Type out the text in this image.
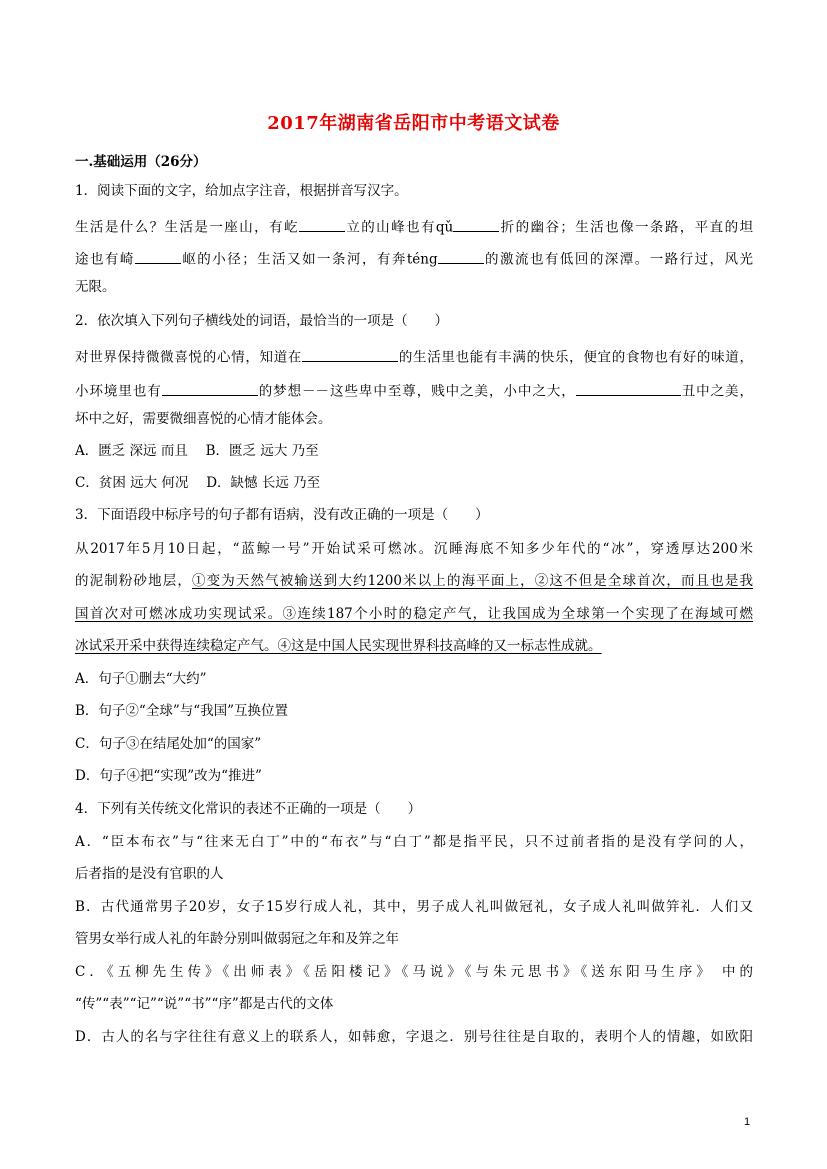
2017年湖南省岳阳市中考语文试卷
一.基础运用（26分）
1．阅读下面的文字，给加点字注音，根据拼音写汉字。
生活是什么？生活是一座山，有屹	立的山峰也有qǔ	折的幽谷；生活也像一条路，平直的坦
途也有崎	岖的小径；生活又如一条河，有奔téng	的激流也有低回的深潭。一路行过，风光
无限。
2．依次填入下列句子横线处的词语，最恰当的一项是（　　）
对世界保持微微喜悦的心情，知道在	的生活里也能有丰满的快乐，便宜的食物也有好的味道，
小环境里也有	的梦想－－这些卑中至尊，贱中之美，小中之大，	丑中之美，
坏中之好，需要微细喜悦的心情才能体会。
A．匮乏 深远 而且　 B．匮乏 远大 乃至
C．贫困 远大 何况　 D．缺憾 长远 乃至
3．下面语段中标序号的句子都有语病，没有改正确的一项是（　　）
从2017年5月10日起，“蓝鲸一号”开始试采可燃冰。沉睡海底不知多少年代的“冰”，穿透厚达200米
的泥制粉砂地层，①变为天然气被输送到大约1200米以上的海平面上，②这不但是全球首次，而且也是我
国首次对可燃冰成功实现试采。③连续187个小时的稳定产气，让我国成为全球第一个实现了在海域可燃
冰试采开采中获得连续稳定产气。④这是中国人民实现世界科技高峰的又一标志性成就。
A．句子①删去“大约”
B．句子②“全球”与“我国”互换位置
C．句子③在结尾处加“的国家”
D．句子④把“实现”改为“推进”
4．下列有关传统文化常识的表述不正确的一项是（　　）
A．“臣本布衣”与“往来无白丁”中的“布衣”与“白丁”都是指平民，只不过前者指的是没有学问的人，
后者指的是没有官职的人
B．古代通常男子20岁，女子15岁行成人礼，其中，男子成人礼叫做冠礼，女子成人礼叫做笄礼．人们又
管男女举行成人礼的年龄分别叫做弱冠之年和及笄之年
C．《五柳先生传》《出师表》《岳阳楼记》《马说》《与朱元思书》《送东阳马生序》 中的
“传”“表”“记”“说”“书”“序”都是古代的文体
D．古人的名与字往往有意义上的联系人，如韩愈，字退之．别号往往是自取的，表明个人的情趣，如欧阳
1
